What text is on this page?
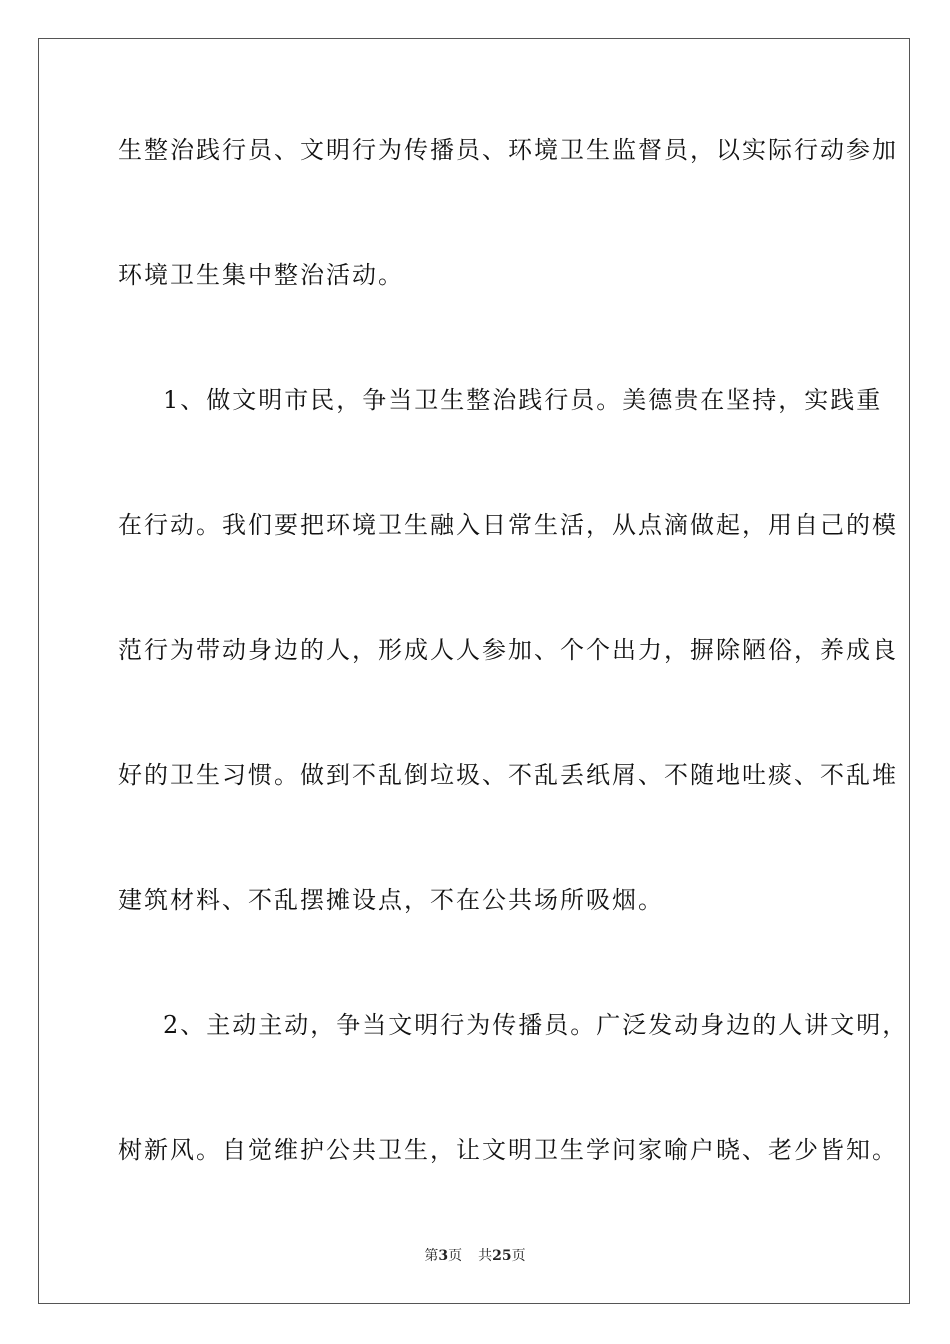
生整治践行员、文明行为传播员、环境卫生监督员，以实际行动参加
环境卫生集中整治活动。
1、做文明市民，争当卫生整治践行员。美德贵在坚持，实践重
在行动。我们要把环境卫生融入日常生活，从点滴做起，用自己的模
范行为带动身边的人，形成人人参加、个个出力，摒除陋俗，养成良
好的卫生习惯。做到不乱倒垃圾、不乱丢纸屑、不随地吐痰、不乱堆
建筑材料、不乱摆摊设点，不在公共场所吸烟。
2、主动主动，争当文明行为传播员。广泛发动身边的人讲文明，
树新风。自觉维护公共卫生，让文明卫生学问家喻户晓、老少皆知。
第3页 共25页
